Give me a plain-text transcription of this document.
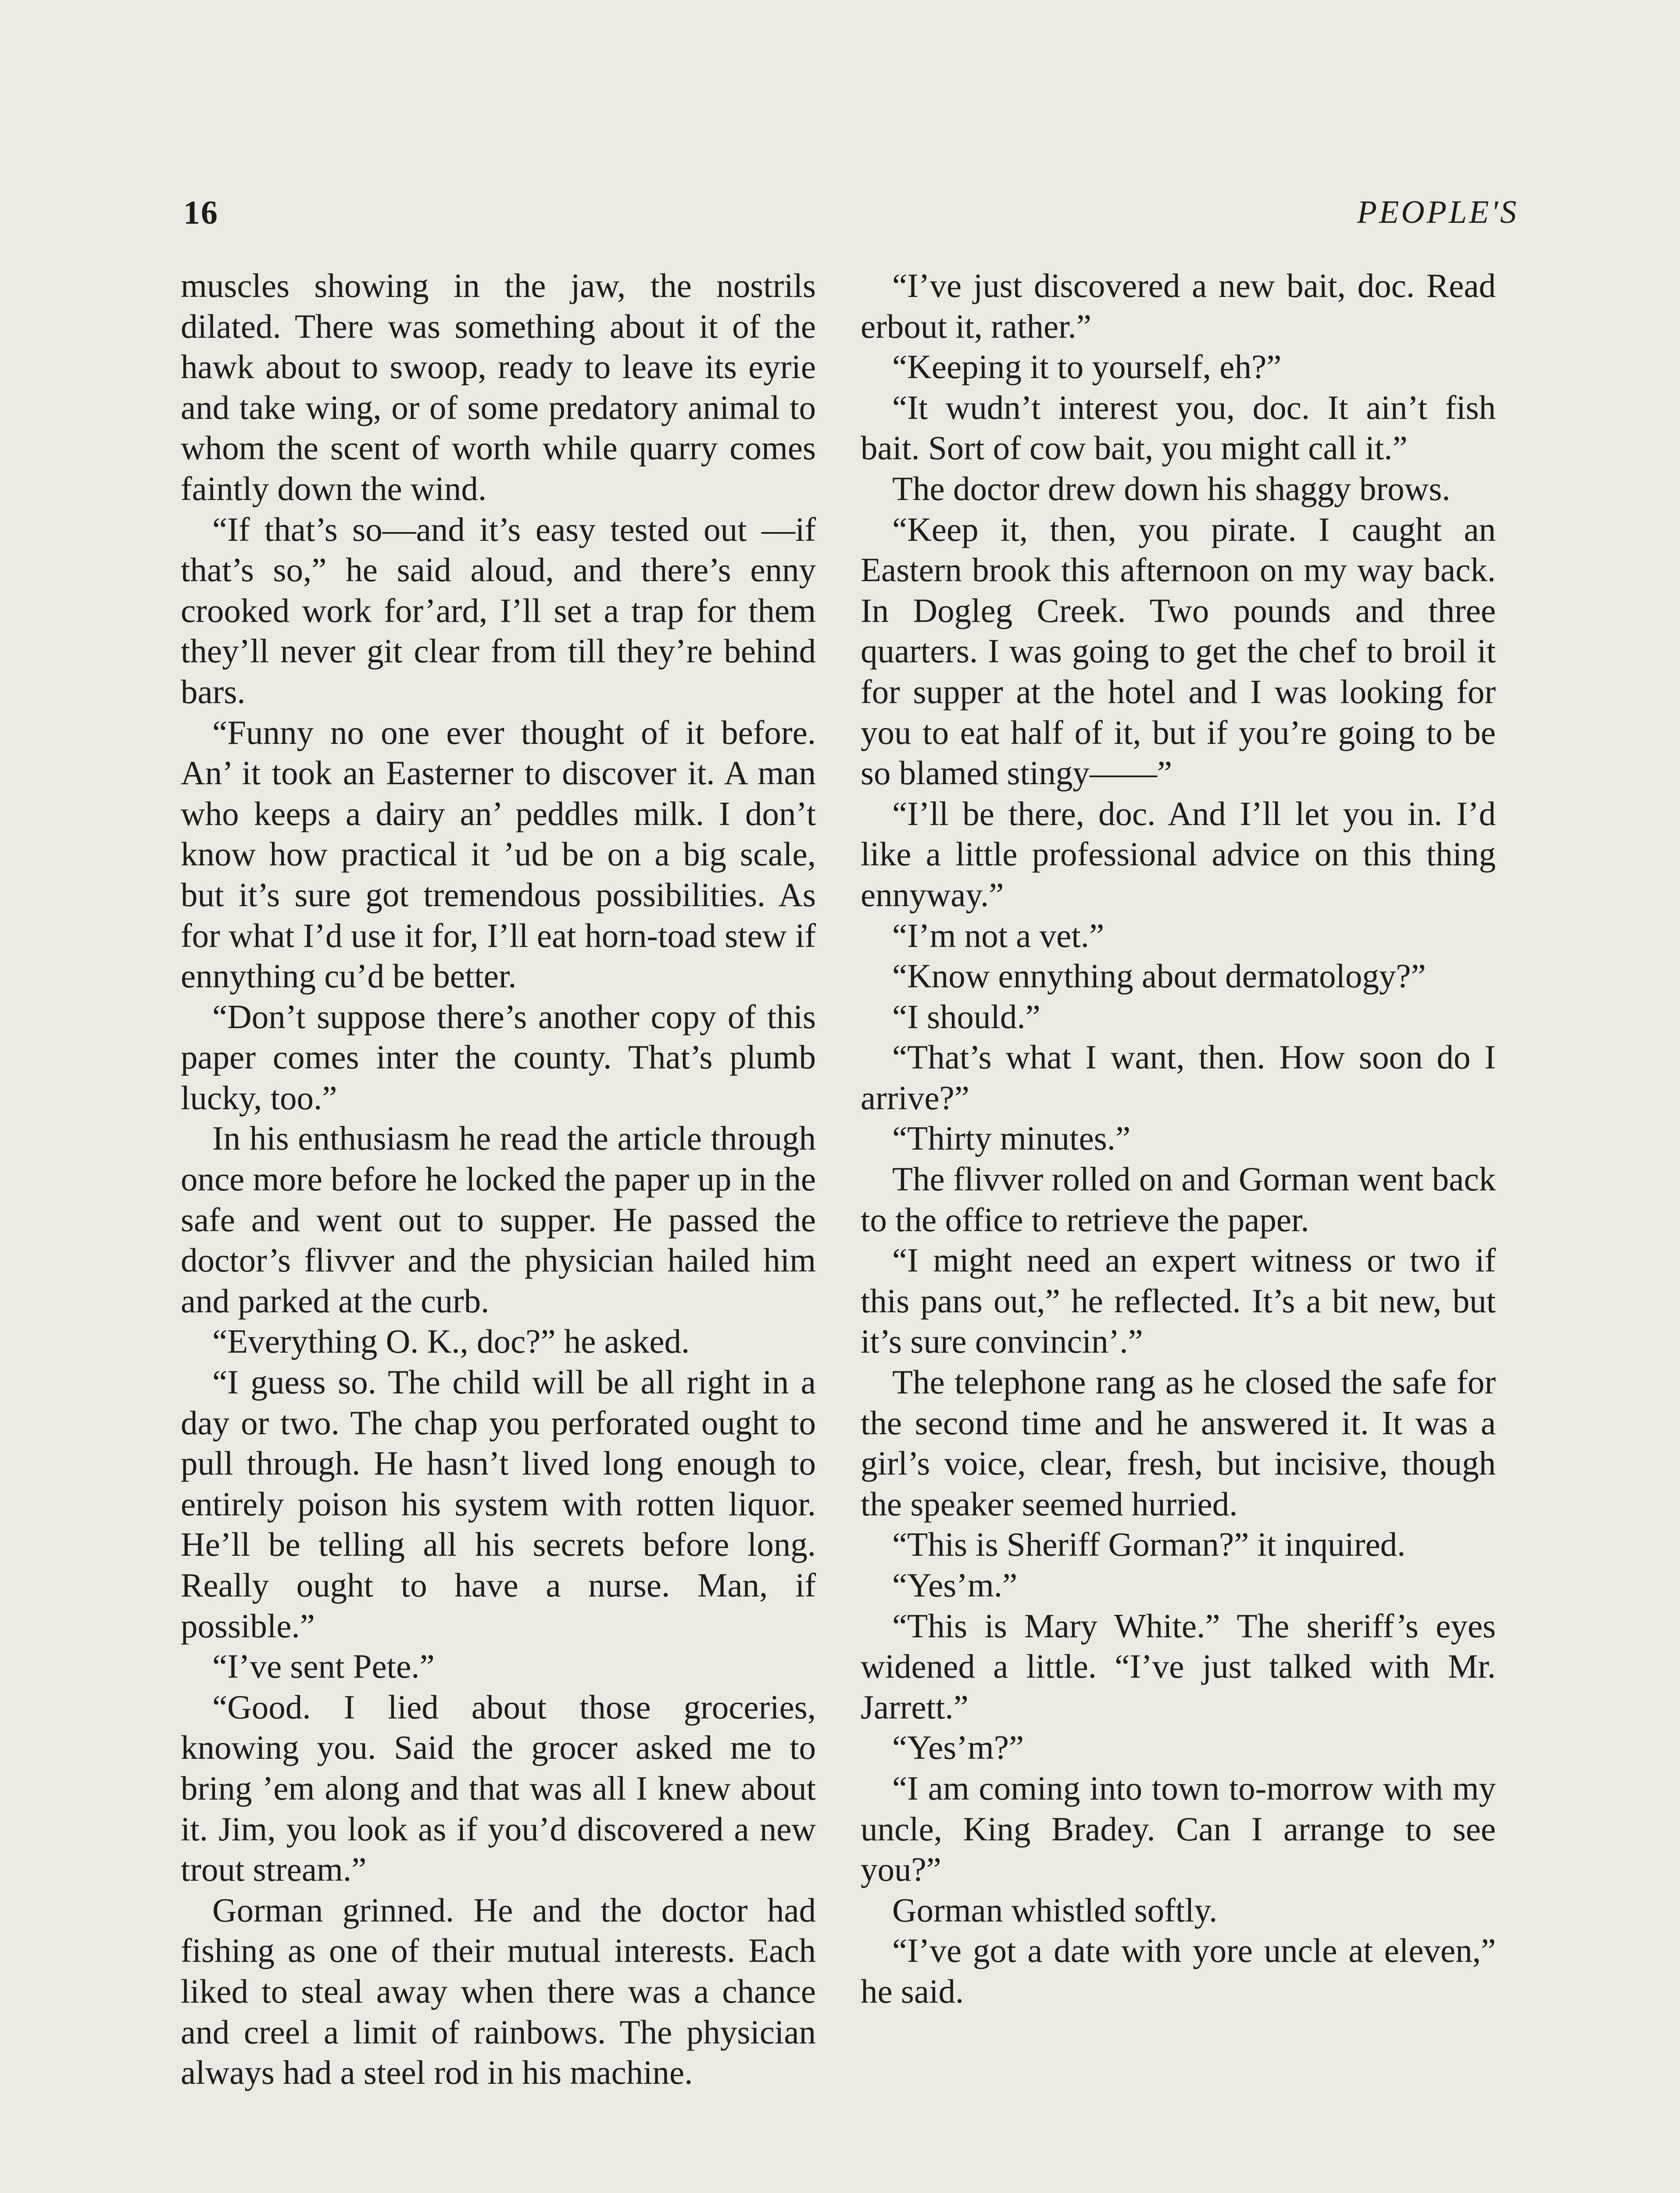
16	PEOPLE'S

muscles showing in the jaw, the nostrils dilated. There was something about it of the hawk about to swoop, ready to leave its eyrie and take wing, or of some predatory animal to whom the scent of worth while quarry comes faintly down the wind.

“If that’s so—and it’s easy tested out —if that’s so,” he said aloud, and there’s enny crooked work for’ard, I’ll set a trap for them they’ll never git clear from till they’re behind bars.

“Funny no one ever thought of it before. An’ it took an Easterner to discover it. A man who keeps a dairy an’ peddles milk. I don’t know how practical it ’ud be on a big scale, but it’s sure got tremendous possibilities. As for what I’d use it for, I’ll eat horn-toad stew if ennything cu’d be better.

“Don’t suppose there’s another copy of this paper comes inter the county. That’s plumb lucky, too.”

In his enthusiasm he read the article through once more before he locked the paper up in the safe and went out to supper. He passed the doctor’s flivver and the physician hailed him and parked at the curb.

“Everything O. K., doc?” he asked.

“I guess so. The child will be all right in a day or two. The chap you perforated ought to pull through. He hasn’t lived long enough to entirely poison his system with rotten liquor. He’ll be telling all his secrets before long. Really ought to have a nurse. Man, if possible.”

“I’ve sent Pete.”

“Good. I lied about those groceries, knowing you. Said the grocer asked me to bring ’em along and that was all I knew about it. Jim, you look as if you’d discovered a new trout stream.”

Gorman grinned. He and the doctor had fishing as one of their mutual interests. Each liked to steal away when there was a chance and creel a limit of rainbows. The physician always had a steel rod in his machine.

“I’ve just discovered a new bait, doc. Read erbout it, rather.”

“Keeping it to yourself, eh?”

“It wudn’t interest you, doc. It ain’t fish bait. Sort of cow bait, you might call it.”

The doctor drew down his shaggy brows.

“Keep it, then, you pirate. I caught an Eastern brook this afternoon on my way back. In Dogleg Creek. Two pounds and three quarters. I was going to get the chef to broil it for supper at the hotel and I was looking for you to eat half of it, but if you’re going to be so blamed stingy——”

“I’ll be there, doc. And I’ll let you in. I’d like a little professional advice on this thing ennyway.”

“I’m not a vet.”

“Know ennything about dermatology?”

“I should.”

“That’s what I want, then. How soon do I arrive?”

“Thirty minutes.”

The flivver rolled on and Gorman went back to the office to retrieve the paper.

“I might need an expert witness or two if this pans out,” he reflected. It’s a bit new, but it’s sure convincin’.”

The telephone rang as he closed the safe for the second time and he answered it. It was a girl’s voice, clear, fresh, but incisive, though the speaker seemed hurried.

“This is Sheriff Gorman?” it inquired.

“Yes’m.”

“This is Mary White.” The sheriff’s eyes widened a little. “I’ve just talked with Mr. Jarrett.”

“Yes’m?”

“I am coming into town to-morrow with my uncle, King Bradey. Can I arrange to see you?”

Gorman whistled softly.

“I’ve got a date with yore uncle at eleven,” he said.
